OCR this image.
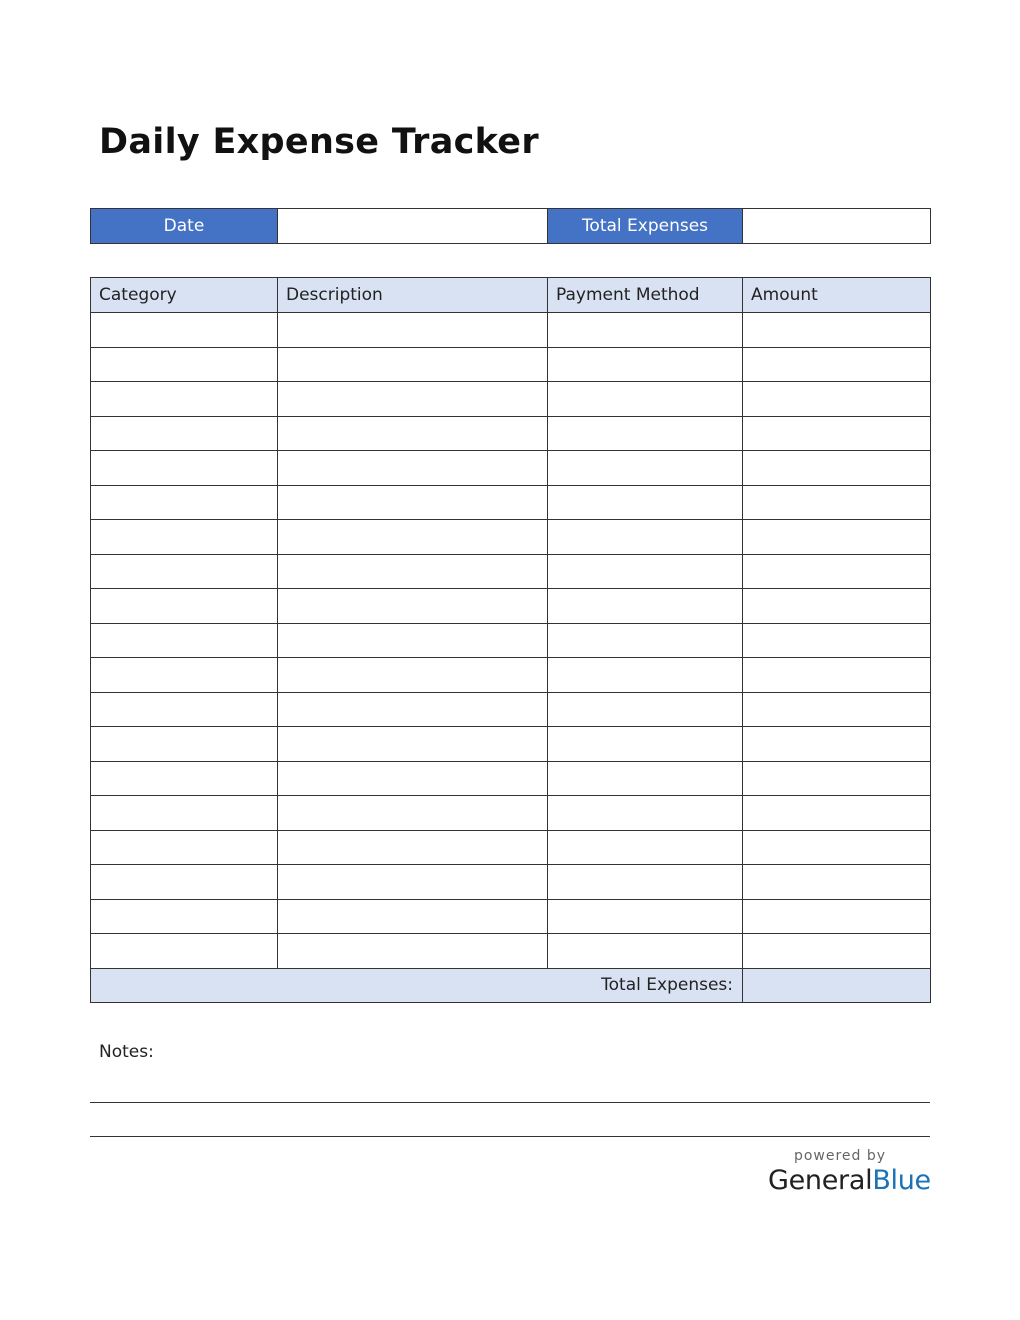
Daily Expense Tracker
Date		Total Expenses	
Category	Description	Payment Method	Amount

Total Expenses:			
Notes:
powered by
GeneralBlue
